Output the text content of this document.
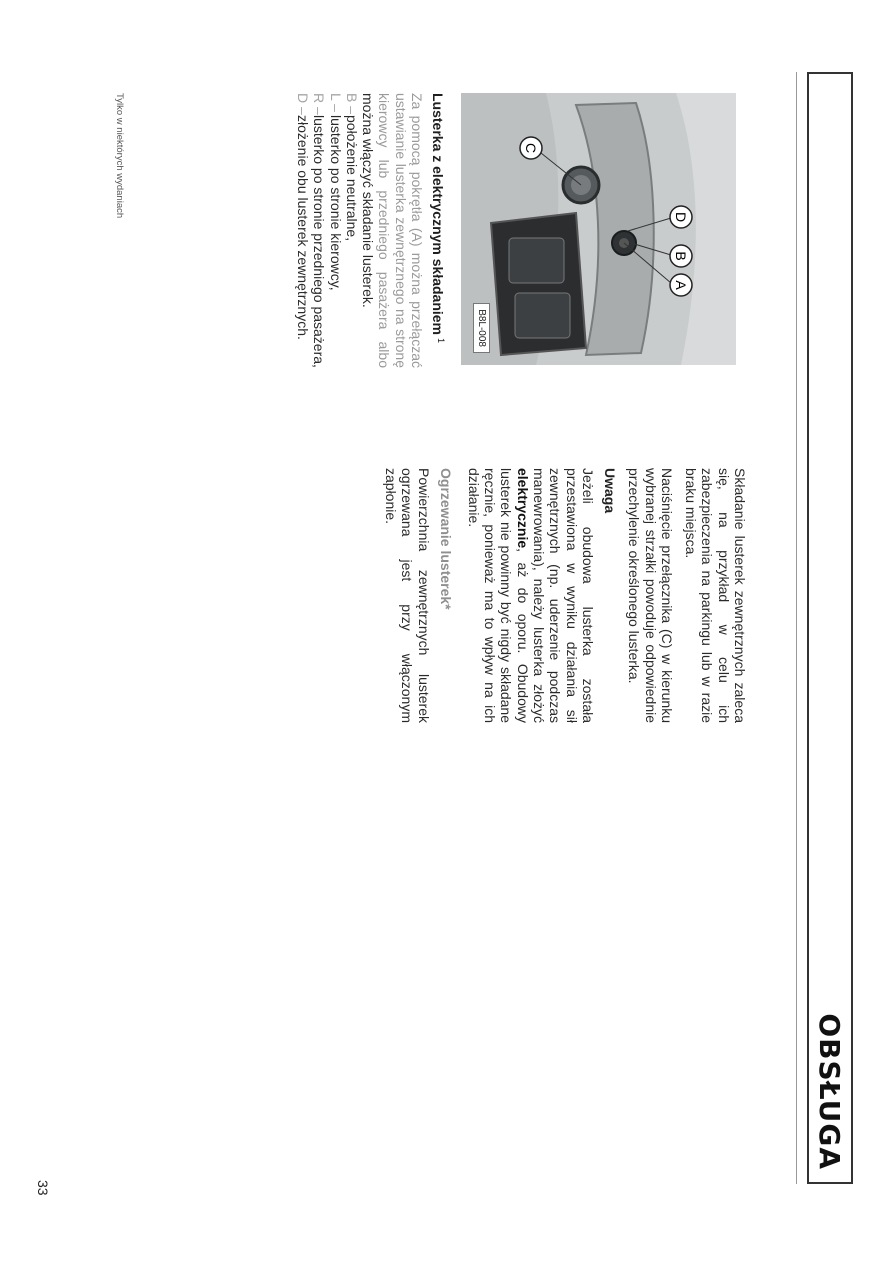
OBSŁUGA
A
B
C
D
B8L-008
Lusterka z elektrycznym składaniem$^1$

Za pomocą pokrętła (A) można przełączać ustawianie lusterka zewnętrznego na stronę kierowcy lub przedniego pasażera albo można włączyć składanie lusterek.

B –
położenie neutralne,
L –
lusterko po stronie kierowcy,
R –
lusterko po stronie przedniego pasażera,
D –
złożenie obu lusterek zewnętrznych.

Składanie lusterek zewnętrznych zaleca się, na przykład w celu ich zabezpieczenia na parkingu lub w razie braku miejsca.

Naciśnięcie przełącznika (C) w kierunku wybranej strzałki powoduje odpowiednie przechylenie określonego lusterka.

Uwaga

Jeżeli obudowa lusterka została przestawiona w wyniku działania sił zewnętrznych (np. uderzenie podczas manewrowania), należy lusterka złożyć elektrycznie, aż do oporu. Obudowy lusterek nie powinny być nigdy składane ręcznie, ponieważ ma to wpływ na ich działanie.

Ogrzewanie lusterek*

Powierzchnia zewnętrznych lusterek ogrzewana jest przy włączonym zapłonie.

Tylko w niektórych wydaniach
33
